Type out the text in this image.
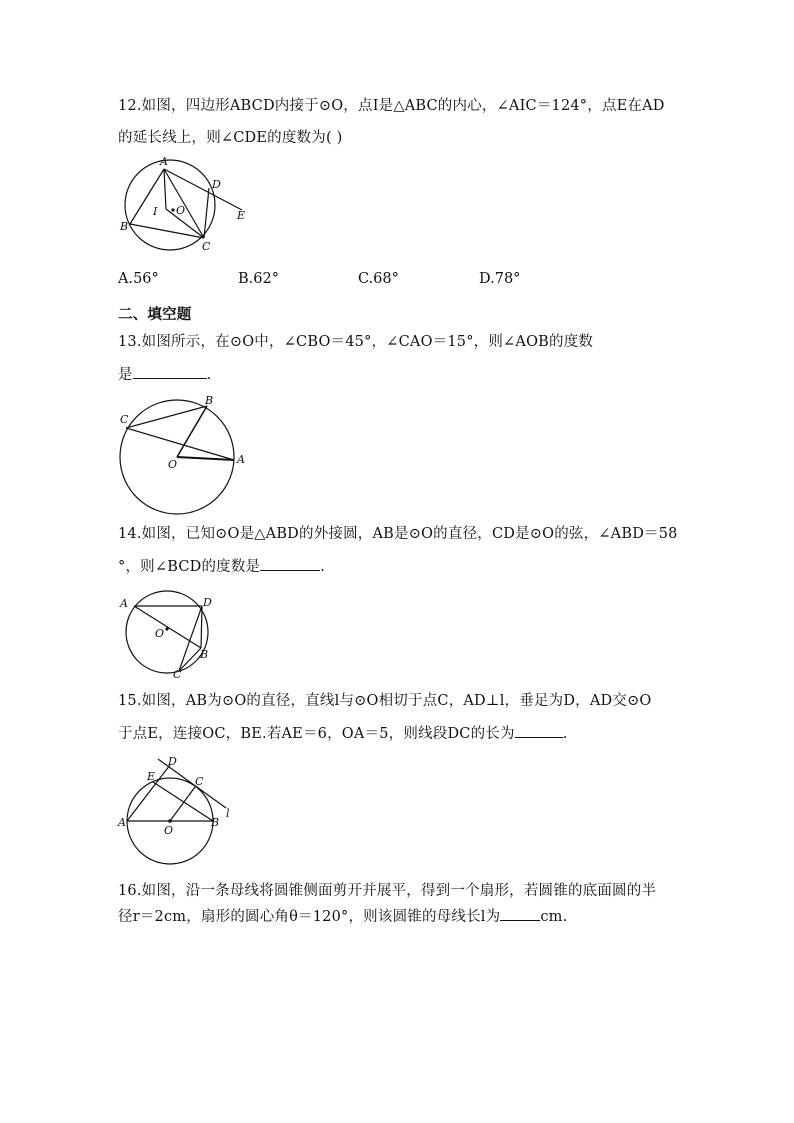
12.如图，四边形ABCD内接于⊙O，点I是△ABC的内心，∠AIC＝124°，点E在AD
的延长线上，则∠CDE的度数为( )
A
D
E
B
C
I O
A.56°	B.62°	C.68°	D.78°
二、填空题
13.如图所示，在⊙O中，∠CBO＝45°，∠CAO＝15°，则∠AOB的度数
是	.
B
C
O	A
14.如图，已知⊙O是△ABD的外接圆，AB是⊙O的直径，CD是⊙O的弦，∠ABD＝58
°，则∠BCD的度数是	.
A	D
O
B
C
15.如图，AB为⊙O的直径，直线l与⊙O相切于点C，AD⊥l，垂足为D，AD交⊙O
于点E，连接OC，BE.若AE＝6，OA＝5，则线段DC的长为	.
D
E	C
l
A
O
B
16.如图，沿一条母线将圆锥侧面剪开并展平，得到一个扇形，若圆锥的底面圆的半
径r＝2cm，扇形的圆心角θ＝120°，则该圆锥的母线长l为	cm.
